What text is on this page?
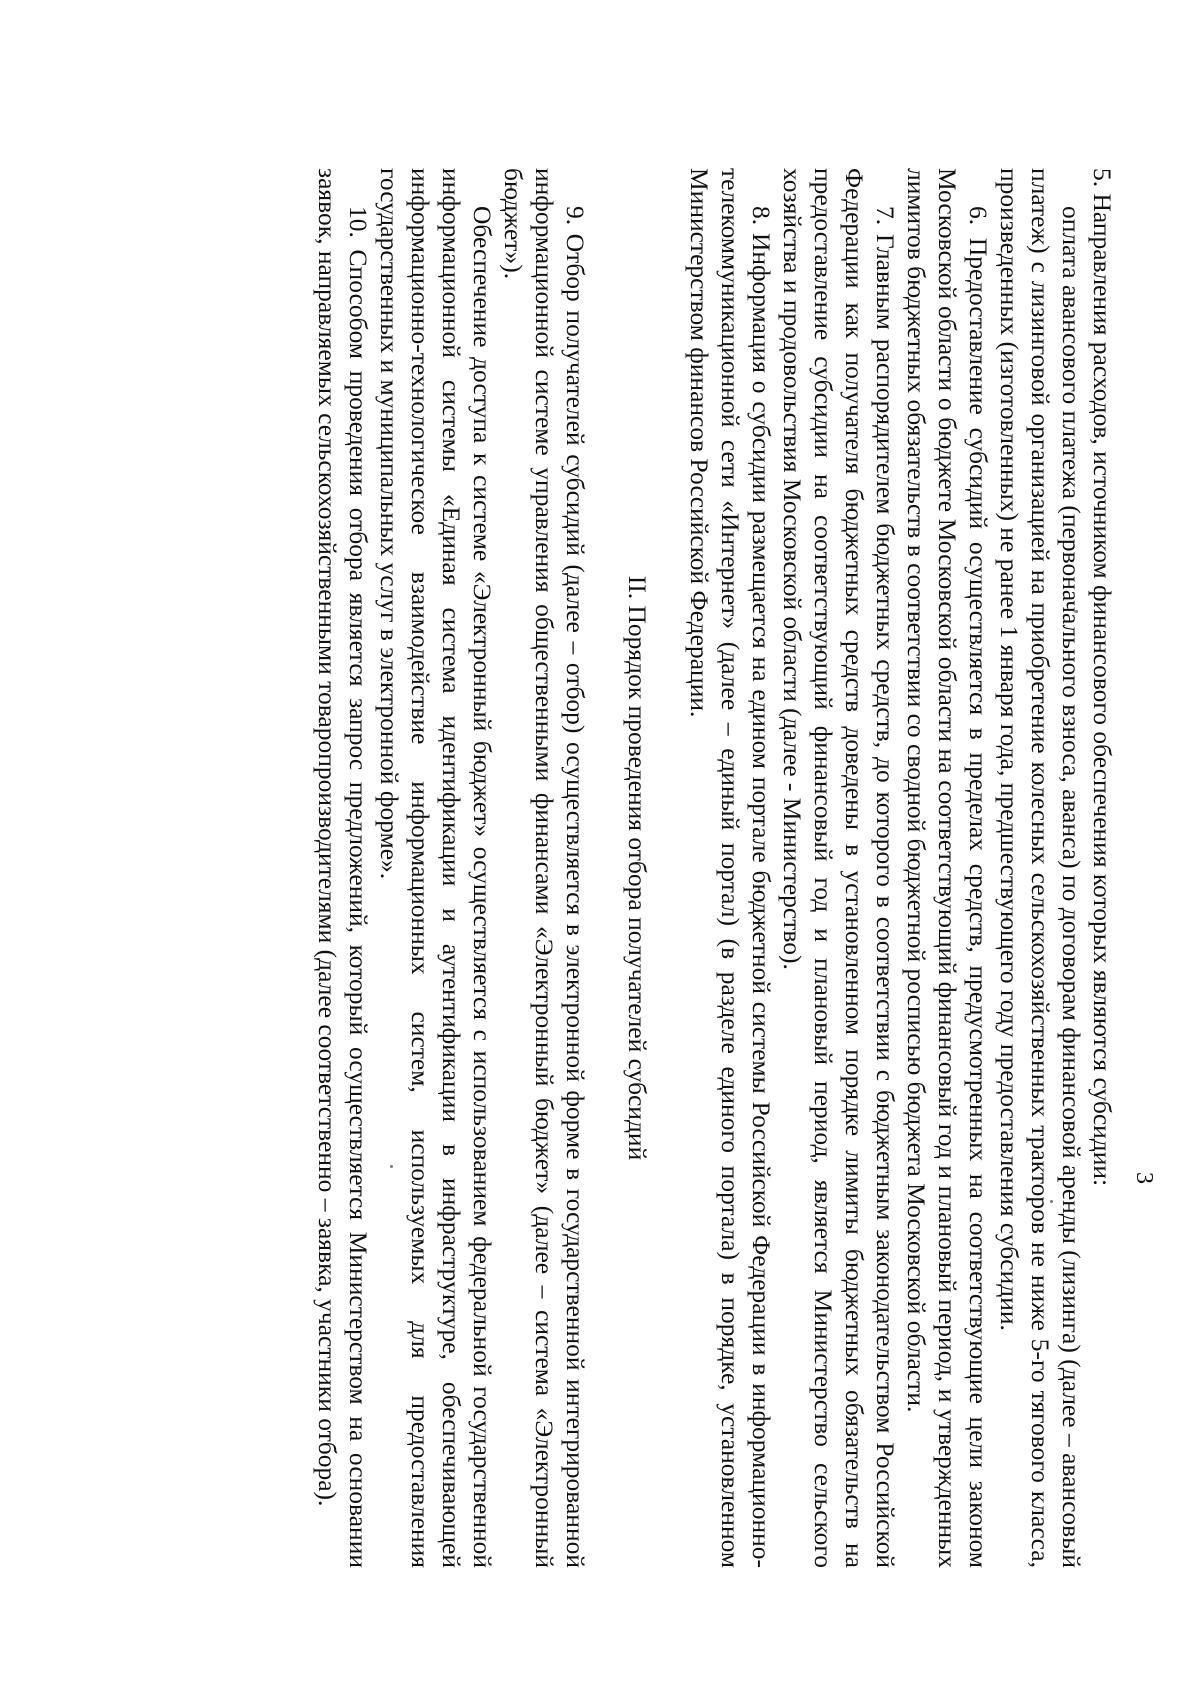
3

5. Направления расходов, источником финансового обеспечения которых являются субсидии:

оплата авансового платежа (первоначального взноса, аванса) по договорам финансовой аренды (лизинга) (далее – авансовый платеж) с лизинговой организацией на приобретение колесных сельскохозяйственных тракторов не ниже 5-го тягового класса, произведенных (изготовленных) не ранее 1 января года, предшествующего году предоставления субсидии.

6. Предоставление субсидий осуществляется в пределах средств, предусмотренных на соответствующие цели законом Московской области о бюджете Московской области на соответствующий финансовый год и плановый период, и утвержденных лимитов бюджетных обязательств в соответствии со сводной бюджетной росписью бюджета Московской области.

7. Главным распорядителем бюджетных средств, до которого в соответствии с бюджетным законодательством Российской Федерации как получателя бюджетных средств доведены в установленном порядке лимиты бюджетных обязательств на предоставление субсидии на соответствующий финансовый год и плановый период, является Министерство сельского хозяйства и продовольствия Московской области (далее - Министерство).

8. Информация о субсидии размещается на едином портале бюджетной системы Российской Федерации в информационно-телекоммуникационной сети «Интернет» (далее – единый портал) (в разделе единого портала) в порядке, установленном Министерством финансов Российской Федерации.

II. Порядок проведения отбора получателей субсидий

9. Отбор получателей субсидий (далее – отбор) осуществляется в электронной форме в государственной интегрированной информационной системе управления общественными финансами «Электронный бюджет» (далее – система «Электронный бюджет»).

Обеспечение доступа к системе «Электронный бюджет» осуществляется с использованием федеральной государственной информационной системы «Единая система идентификации и аутентификации в инфраструктуре, обеспечивающей информационно-технологическое взаимодействие информационных систем, используемых для предоставления государственных и муниципальных услуг в электронной форме».

10. Способом проведения отбора является запрос предложений, который осуществляется Министерством на основании заявок, направляемых сельскохозяйственными товаропроизводителями (далее соответственно – заявка, участники отбора).
